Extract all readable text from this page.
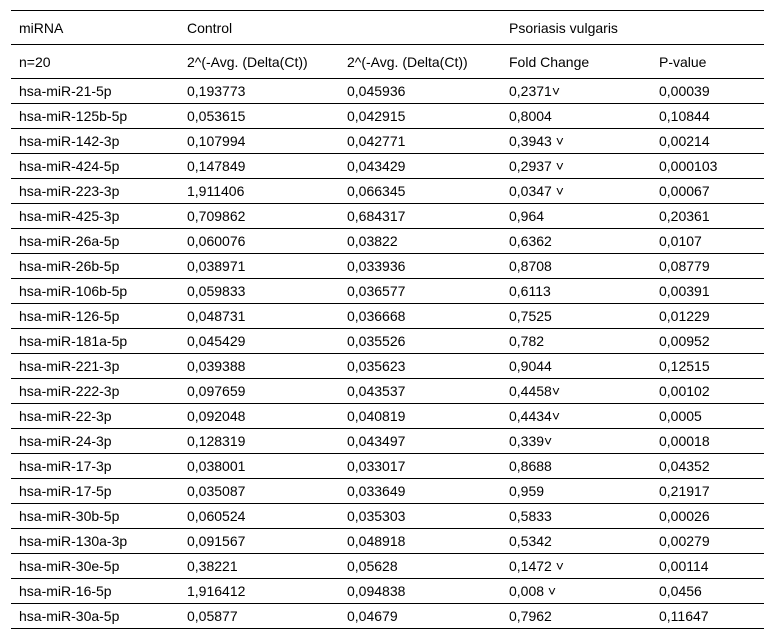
miRNA	Control		Psoriasis vulgaris	
n=20	2^(-Avg. (Delta(Ct))	2^(-Avg. (Delta(Ct))	Fold Change	P-value
hsa-miR-21-5p	0,193773	0,045936	0,2371˅	0,00039
hsa-miR-125b-5p	0,053615	0,042915	0,8004	0,10844
hsa-miR-142-3p	0,107994	0,042771	0,3943 ˅	0,00214
hsa-miR-424-5p	0,147849	0,043429	0,2937 ˅	0,000103
hsa-miR-223-3p	1,911406	0,066345	0,0347 ˅	0,00067
hsa-miR-425-3p	0,709862	0,684317	0,964	0,20361
hsa-miR-26a-5p	0,060076	0,03822	0,6362	0,0107
hsa-miR-26b-5p	0,038971	0,033936	0,8708	0,08779
hsa-miR-106b-5p	0,059833	0,036577	0,6113	0,00391
hsa-miR-126-5p	0,048731	0,036668	0,7525	0,01229
hsa-miR-181a-5p	0,045429	0,035526	0,782	0,00952
hsa-miR-221-3p	0,039388	0,035623	0,9044	0,12515
hsa-miR-222-3p	0,097659	0,043537	0,4458˅	0,00102
hsa-miR-22-3p	0,092048	0,040819	0,4434˅	0,0005
hsa-miR-24-3p	0,128319	0,043497	0,339˅	0,00018
hsa-miR-17-3p	0,038001	0,033017	0,8688	0,04352
hsa-miR-17-5p	0,035087	0,033649	0,959	0,21917
hsa-miR-30b-5p	0,060524	0,035303	0,5833	0,00026
hsa-miR-130a-3p	0,091567	0,048918	0,5342	0,00279
hsa-miR-30e-5p	0,38221	0,05628	0,1472 ˅	0,00114
hsa-miR-16-5p	1,916412	0,094838	0,008 ˅	0,0456
hsa-miR-30a-5p	0,05877	0,04679	0,7962	0,11647
